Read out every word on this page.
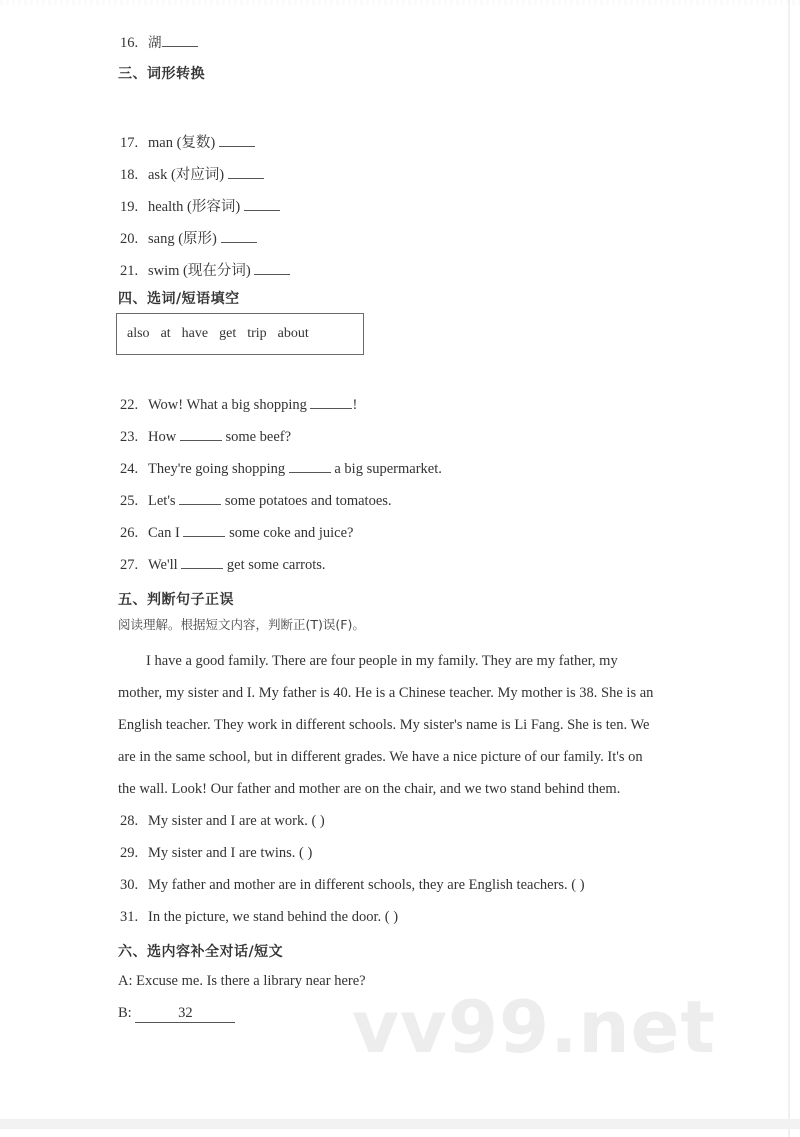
vv99.net
16. 湖
三、词形转换
17. man (复数)
18. ask (对应词)
19. health (形容词)
20. sang (原形)
21. swim (现在分词)
四、选词/短语填空
also at have get trip about
22. Wow! What a big shopping	!
23. How	some beef?
24. They're going shopping	a big supermarket.
25. Let's	some potatoes and tomatoes.
26. Can I	some coke and juice?
27. We'll	get some carrots.
五、判断句子正误
阅读理解。根据短文内容，判断正(T)误(F)。
I have a good family. There are four people in my family. They are my father, my
mother, my sister and I. My father is 40. He is a Chinese teacher. My mother is 38. She is an
English teacher. They work in different schools. My sister's name is Li Fang. She is ten. We
are in the same school, but in different grades. We have a nice picture of our family. It's on
the wall. Look! Our father and mother are on the chair, and we two stand behind them.
28. My sister and I are at work. ( )
29. My sister and I are twins. ( )
30. My father and mother are in different schools, they are English teachers. ( )
31. In the picture, we stand behind the door. ( )
六、选内容补全对话/短文
A: Excuse me. Is there a library near here?
B:	32
